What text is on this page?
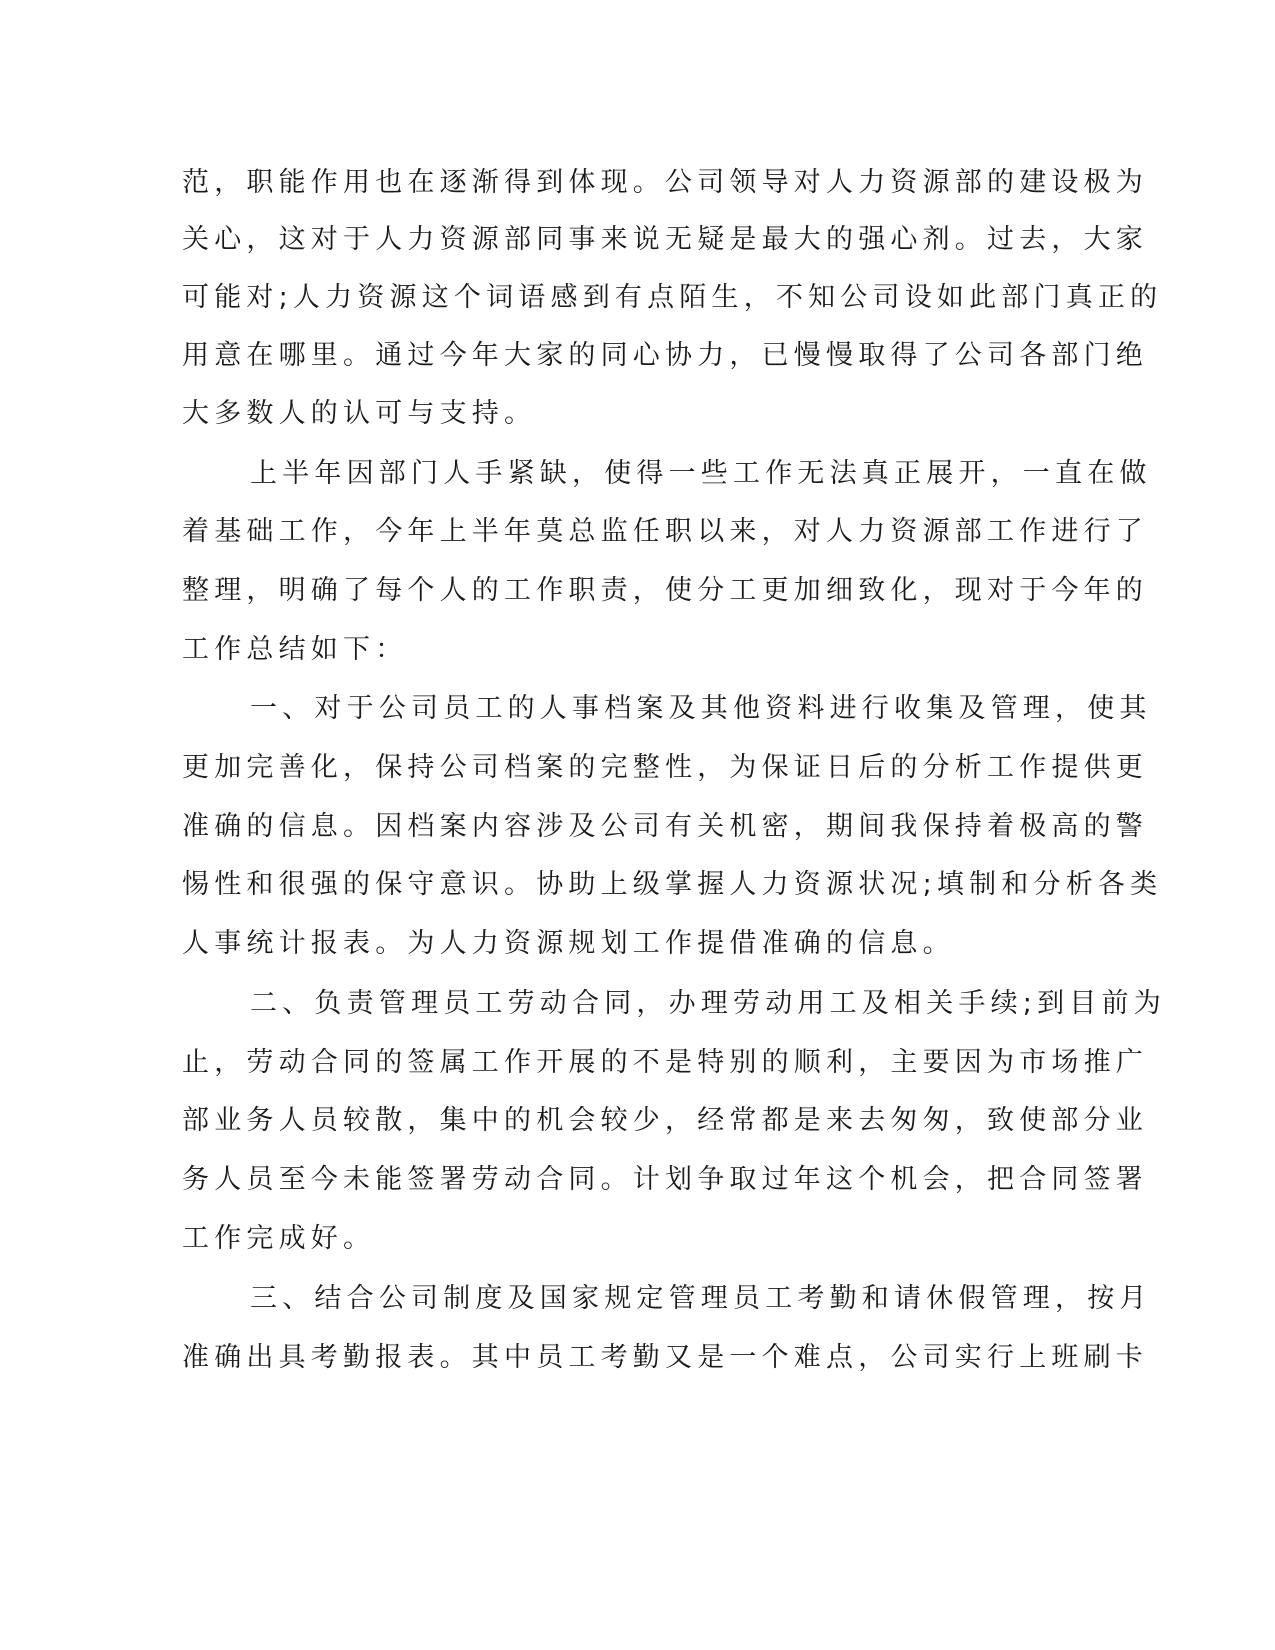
范，职能作用也在逐渐得到体现。公司领导对人力资源部的建设极为

关心，这对于人力资源部同事来说无疑是最大的强心剂。过去，大家

可能对;人力资源这个词语感到有点陌生，不知公司设如此部门真正的

用意在哪里。通过今年大家的同心协力，已慢慢取得了公司各部门绝

大多数人的认可与支持。

上半年因部门人手紧缺，使得一些工作无法真正展开，一直在做

着基础工作，今年上半年莫总监任职以来，对人力资源部工作进行了

整理，明确了每个人的工作职责，使分工更加细致化，现对于今年的

工作总结如下：

一、对于公司员工的人事档案及其他资料进行收集及管理，使其

更加完善化，保持公司档案的完整性，为保证日后的分析工作提供更

准确的信息。因档案内容涉及公司有关机密，期间我保持着极高的警

惕性和很强的保守意识。协助上级掌握人力资源状况;填制和分析各类

人事统计报表。为人力资源规划工作提借准确的信息。

二、负责管理员工劳动合同，办理劳动用工及相关手续;到目前为

止，劳动合同的签属工作开展的不是特别的顺利，主要因为市场推广

部业务人员较散，集中的机会较少，经常都是来去匆匆，致使部分业

务人员至今未能签署劳动合同。计划争取过年这个机会，把合同签署

工作完成好。

三、结合公司制度及国家规定管理员工考勤和请休假管理，按月

准确出具考勤报表。其中员工考勤又是一个难点，公司实行上班刷卡
